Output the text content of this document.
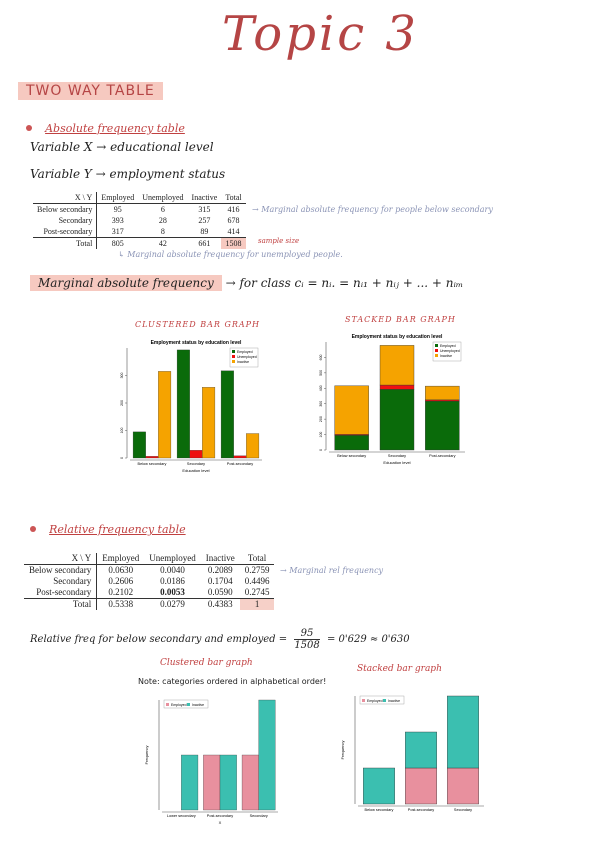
Topic 3
TWO WAY TABLE
Absolute frequency table
Variable X → educational level
Variable Y → employment status
X \ Y	Employed	Unemployed	Inactive	Total
Below secondary	95	6	315	416
Secondary	393	28	257	678
Post-secondary	317	8	89	414
Total	805	42	661	1508
→ Marginal absolute frequency for people below secondary
sample size
↳ Marginal absolute frequency for unemployed people.
Marginal absolute frequency → for class cᵢ = nᵢ. = nᵢ₁ + nᵢⱼ + ... + nᵢₘ
CLUSTERED BAR GRAPH
STACKED BAR GRAPH
Employment status by education level
0
100
200
300
Below secondary	Secondary	Post-secondary
Education level
Employed
Unemployed
Inactive
Employment status by education level
0
100
200
300
400
500
600
Below secondary	Secondary	Post-secondary
Education level
Employed
Unemployed
Inactive
Relative frequency table
X \ Y	Employed	Unemployed	Inactive	Total
Below secondary	0.0630	0.0040	0.2089	0.2759
Secondary	0.2606	0.0186	0.1704	0.4496
Post-secondary	0.2102	0.0053	0.0590	0.2745
Total	0.5338	0.0279	0.4383	1
→ Marginal rel frequency
Relative freq for below secondary and employed = $\frac{95}{1508} = 0'629 \approx 0'630$
Clustered bar graph
Stacked bar graph
Note: categories ordered in alphabetical order!
Frequency
Lower secondary	Post-secondary	Secondary
X
Employed Inactive
Frequency
Below secondary	Post-secondary	Secondary
Employed Inactive
